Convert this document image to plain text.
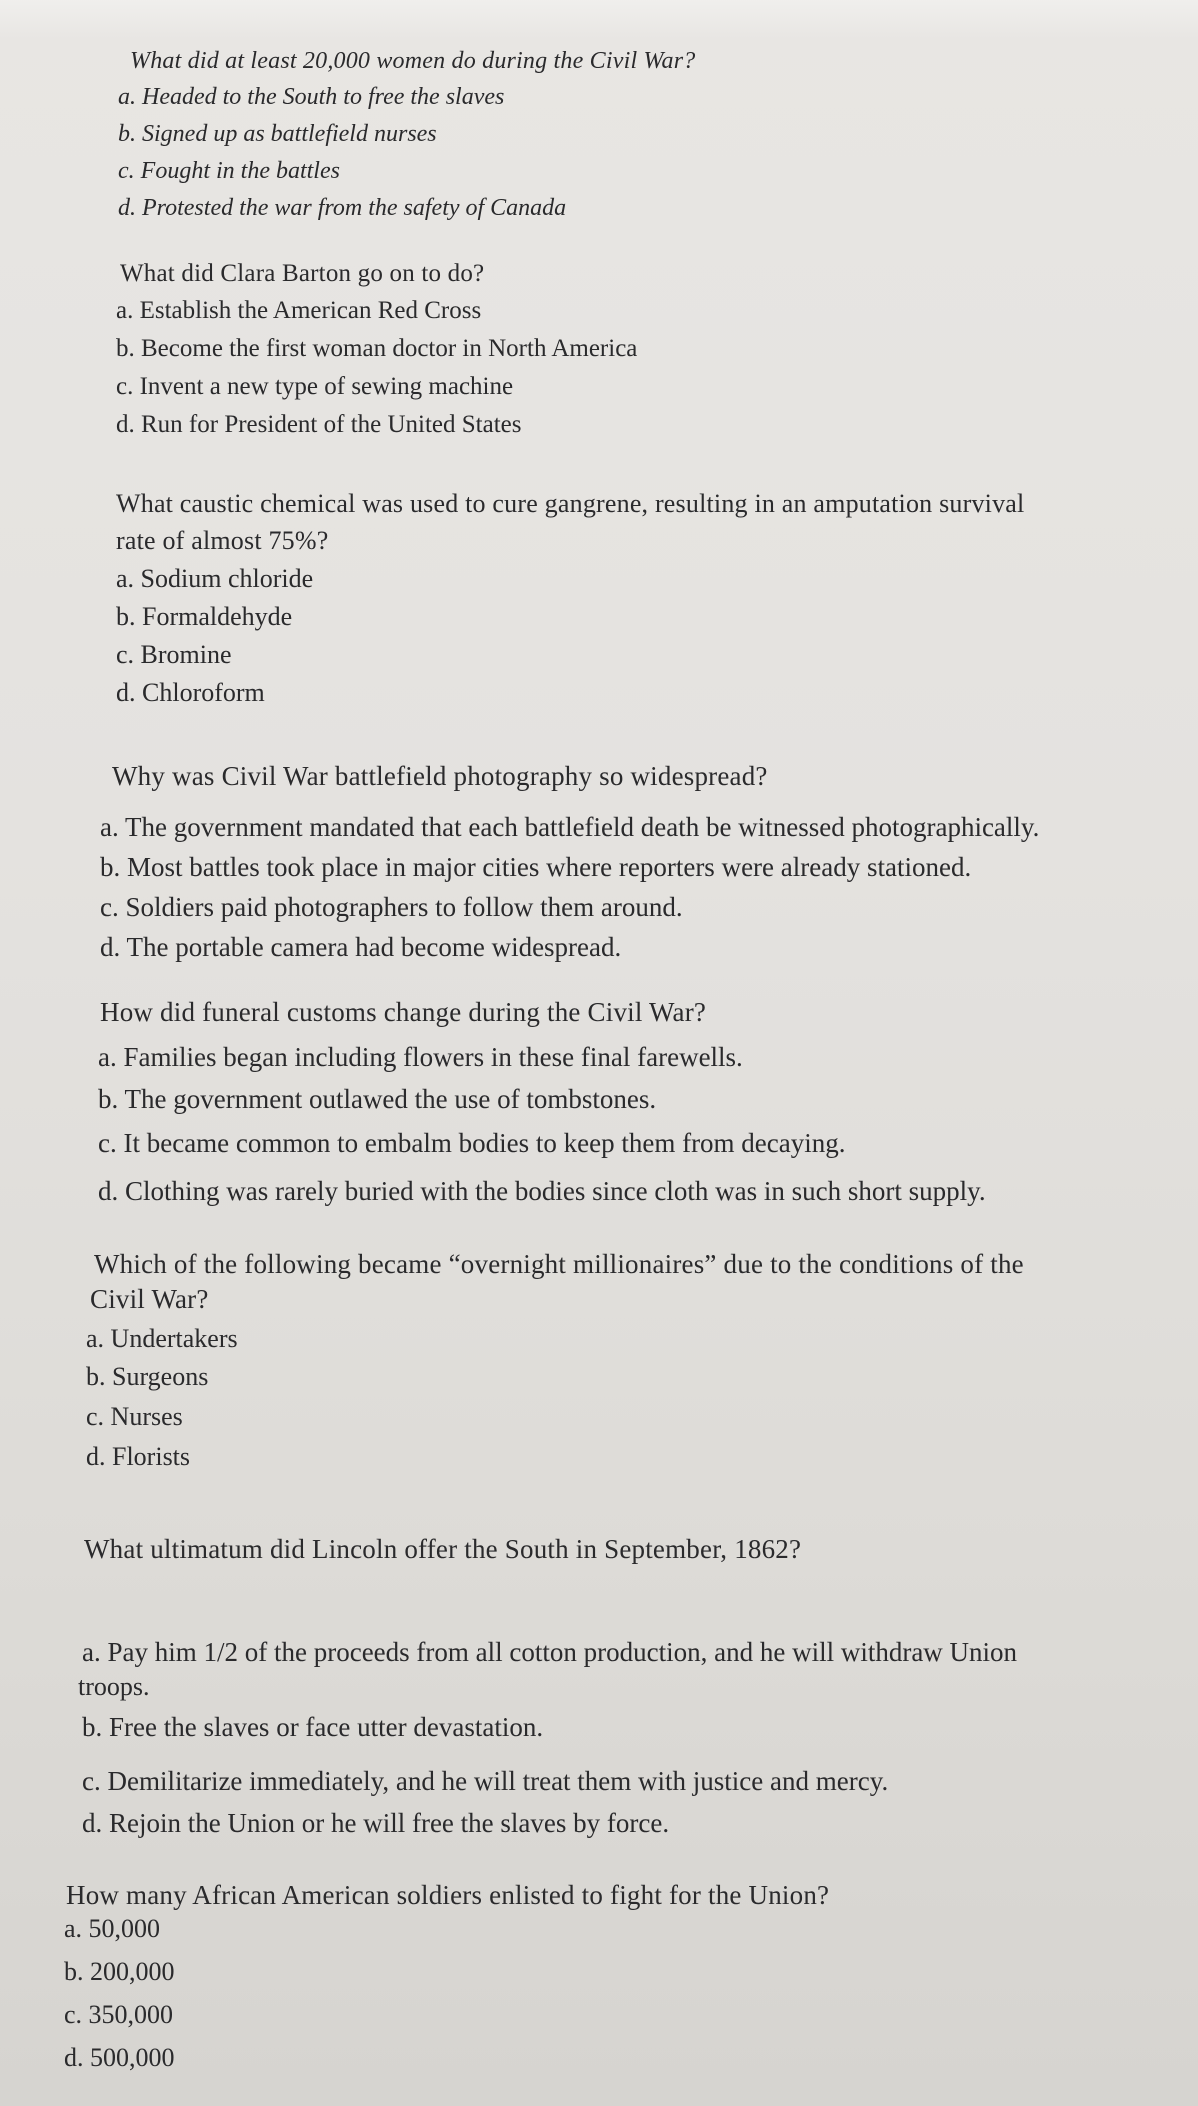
What did at least 20,000 women do during the Civil War?
a. Headed to the South to free the slaves
b. Signed up as battlefield nurses
c. Fought in the battles
d. Protested the war from the safety of Canada
What did Clara Barton go on to do?
a. Establish the American Red Cross
b. Become the first woman doctor in North America
c. Invent a new type of sewing machine
d. Run for President of the United States
What caustic chemical was used to cure gangrene, resulting in an amputation survival
rate of almost 75%?
a. Sodium chloride
b. Formaldehyde
c. Bromine
d. Chloroform
Why was Civil War battlefield photography so widespread?
a. The government mandated that each battlefield death be witnessed photographically.
b. Most battles took place in major cities where reporters were already stationed.
c. Soldiers paid photographers to follow them around.
d. The portable camera had become widespread.
How did funeral customs change during the Civil War?
a. Families began including flowers in these final farewells.
b. The government outlawed the use of tombstones.
c. It became common to embalm bodies to keep them from decaying.
d. Clothing was rarely buried with the bodies since cloth was in such short supply.
Which of the following became “overnight millionaires” due to the conditions of the
Civil War?
a. Undertakers
b. Surgeons
c. Nurses
d. Florists
What ultimatum did Lincoln offer the South in September, 1862?
a. Pay him 1/2 of the proceeds from all cotton production, and he will withdraw Union
troops.
b. Free the slaves or face utter devastation.
c. Demilitarize immediately, and he will treat them with justice and mercy.
d. Rejoin the Union or he will free the slaves by force.
How many African American soldiers enlisted to fight for the Union?
a. 50,000
b. 200,000
c. 350,000
d. 500,000
